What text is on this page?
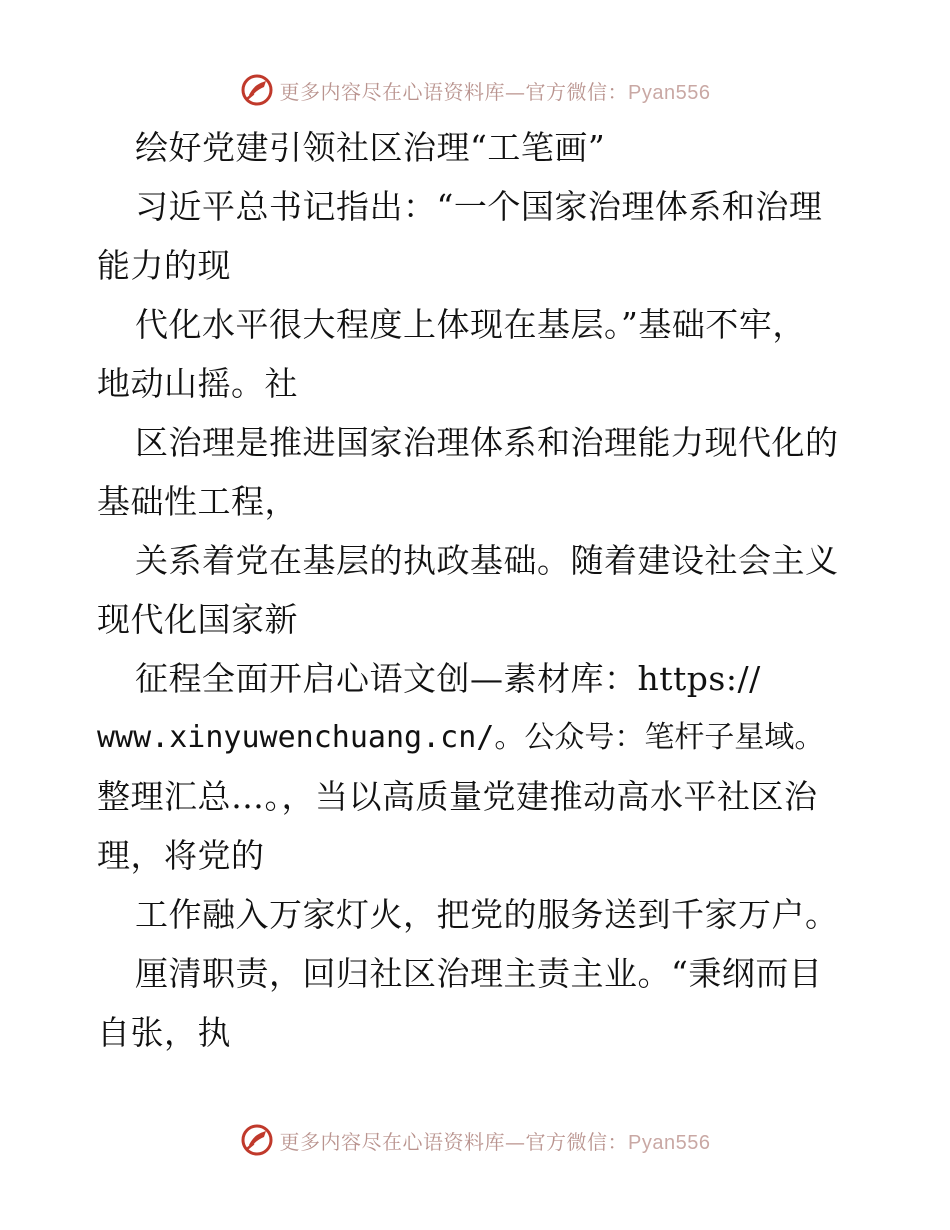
更多内容尽在心语资料库—官方微信：Pyan556
绘好党建引领社区治理“工笔画”
习近平总书记指出：“一个国家治理体系和治理
能力的现
代化水平很大程度上体现在基层。”基础不牢，
地动山摇。社
区治理是推进国家治理体系和治理能力现代化的
基础性工程，
关系着党在基层的执政基础。随着建设社会主义
现代化国家新
征程全面开启心语文创—素材库：https://
www.xinyuwenchuang.cn/。公众号：笔杆子星域。
整理汇总…。，当以高质量党建推动高水平社区治
理，将党的
工作融入万家灯火，把党的服务送到千家万户。
厘清职责，回归社区治理主责主业。“秉纲而目
自张，执
更多内容尽在心语资料库—官方微信：Pyan556
